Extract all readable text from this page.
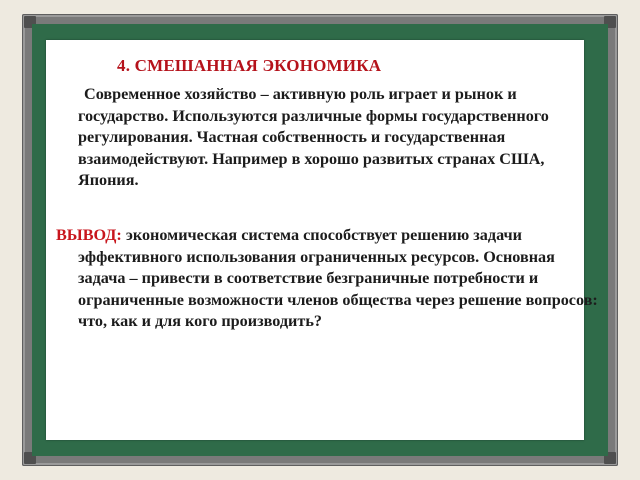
4. СМЕШАННАЯ ЭКОНОМИКА
Современное хозяйство – активную роль играет и рынок и государство. Используются различные формы государственного регулирования. Частная собственность и государственная взаимодействуют. Например в хорошо развитых странах США, Япония.
ВЫВОД: экономическая система способствует решению задачи эффективного использования ограниченных ресурсов. Основная задача – привести в соответствие безграничные потребности и ограниченные возможности членов общества через решение вопросов: что, как и для кого производить?
